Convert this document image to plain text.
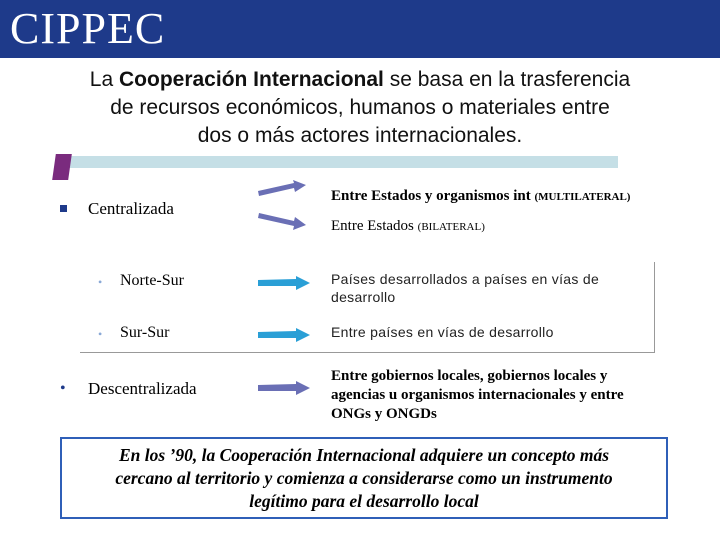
CIPPEC
La Cooperación Internacional se basa en la trasferencia
de recursos económicos, humanos o materiales entre
dos o más actores internacionales.
Centralizada
Entre Estados y organismos int (MULTILATERAL)
Entre Estados (BILATERAL)
• Norte-Sur	Países desarrollados a países en vías de
desarrollo
• Sur-Sur	Entre países en vías de desarrollo
• Descentralizada
Entre gobiernos locales, gobiernos locales y
agencias u organismos internacionales y entre
ONGs y ONGDs
En los ’90, la Cooperación Internacional adquiere un concepto más
cercano al territorio y comienza a considerarse como un instrumento
legítimo para el desarrollo local
